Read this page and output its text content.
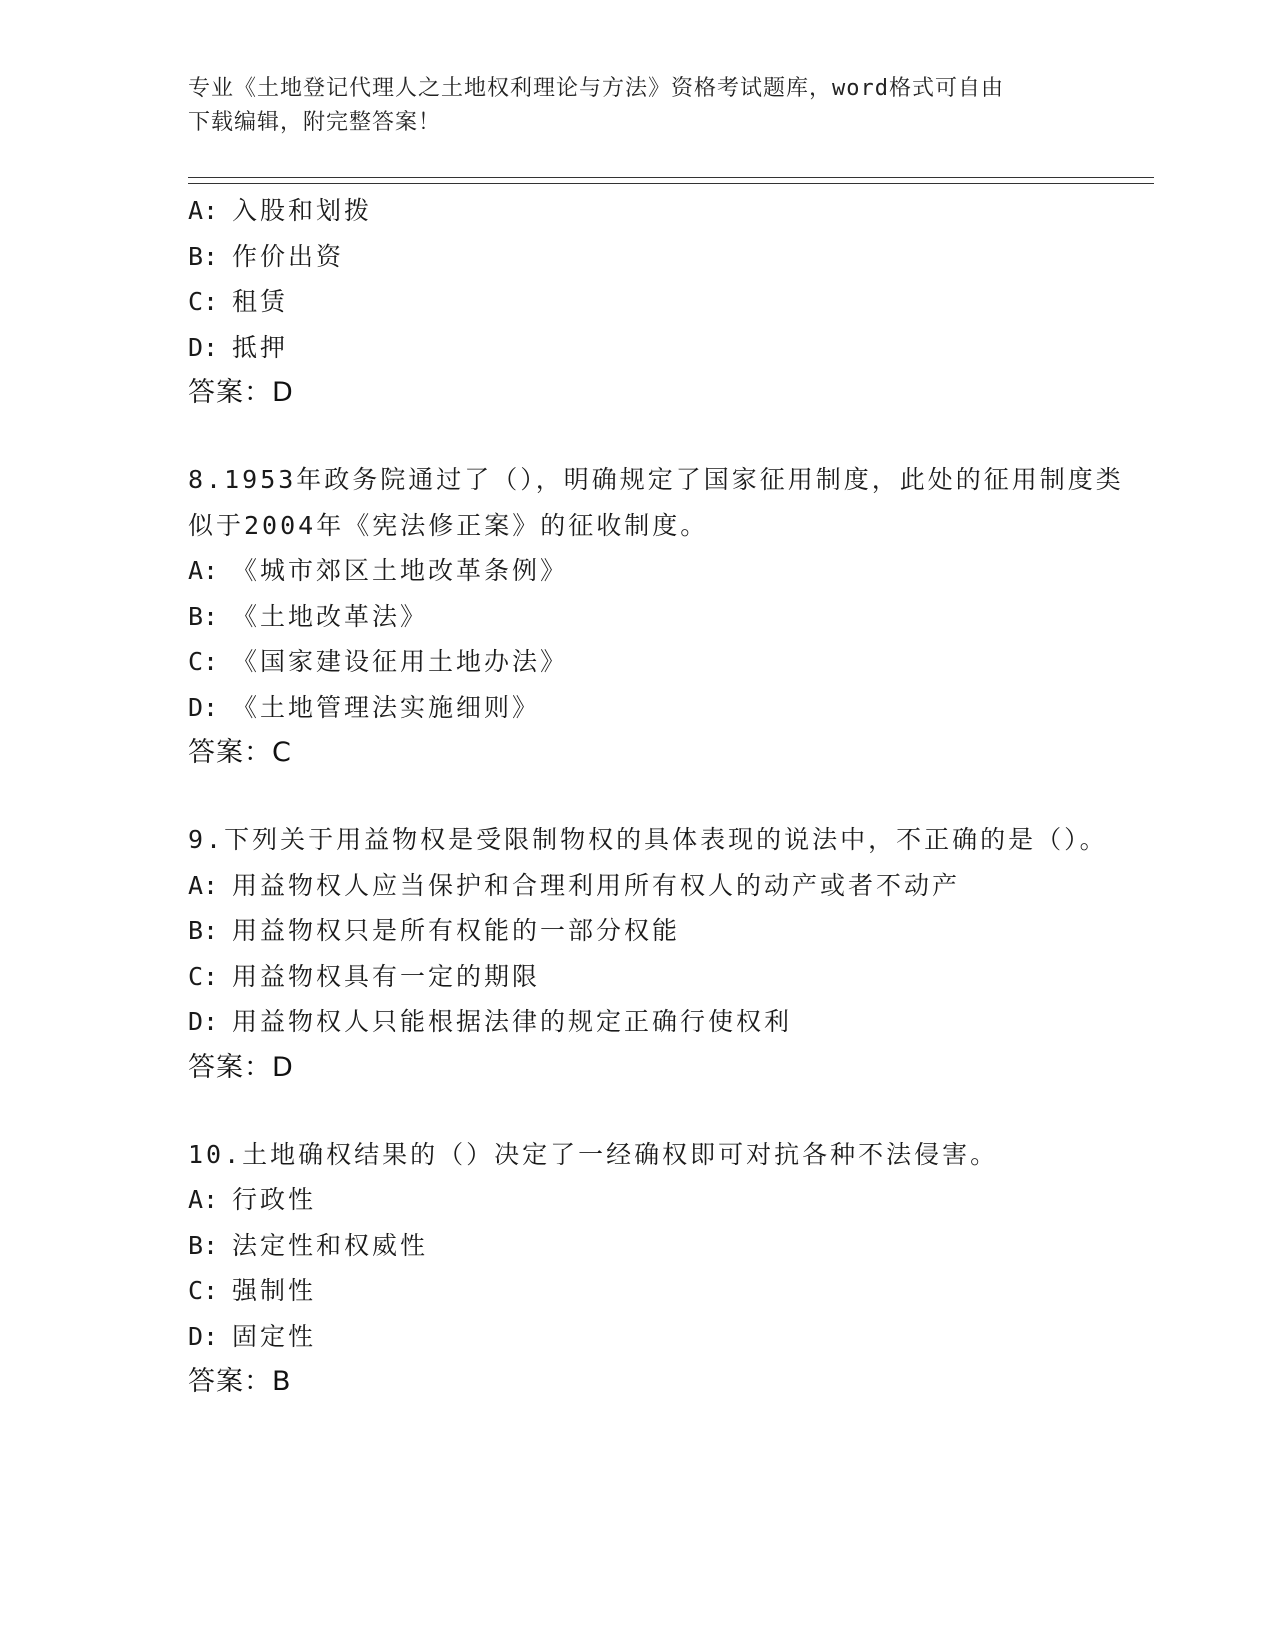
专业《土地登记代理人之土地权利理论与方法》资格考试题库，word格式可自由
下载编辑，附完整答案！
A: 入股和划拨
B: 作价出资
C: 租赁
D: 抵押
答案：D
8.1953年政务院通过了（），明确规定了国家征用制度，此处的征用制度类似于2004年《宪法修正案》的征收制度。
A: 《城市郊区土地改革条例》
B: 《土地改革法》
C: 《国家建设征用土地办法》
D: 《土地管理法实施细则》
答案：C
9.下列关于用益物权是受限制物权的具体表现的说法中，不正确的是（）。
A: 用益物权人应当保护和合理利用所有权人的动产或者不动产
B: 用益物权只是所有权能的一部分权能
C: 用益物权具有一定的期限
D: 用益物权人只能根据法律的规定正确行使权利
答案：D
10.土地确权结果的（）决定了一经确权即可对抗各种不法侵害。
A: 行政性
B: 法定性和权威性
C: 强制性
D: 固定性
答案：B
